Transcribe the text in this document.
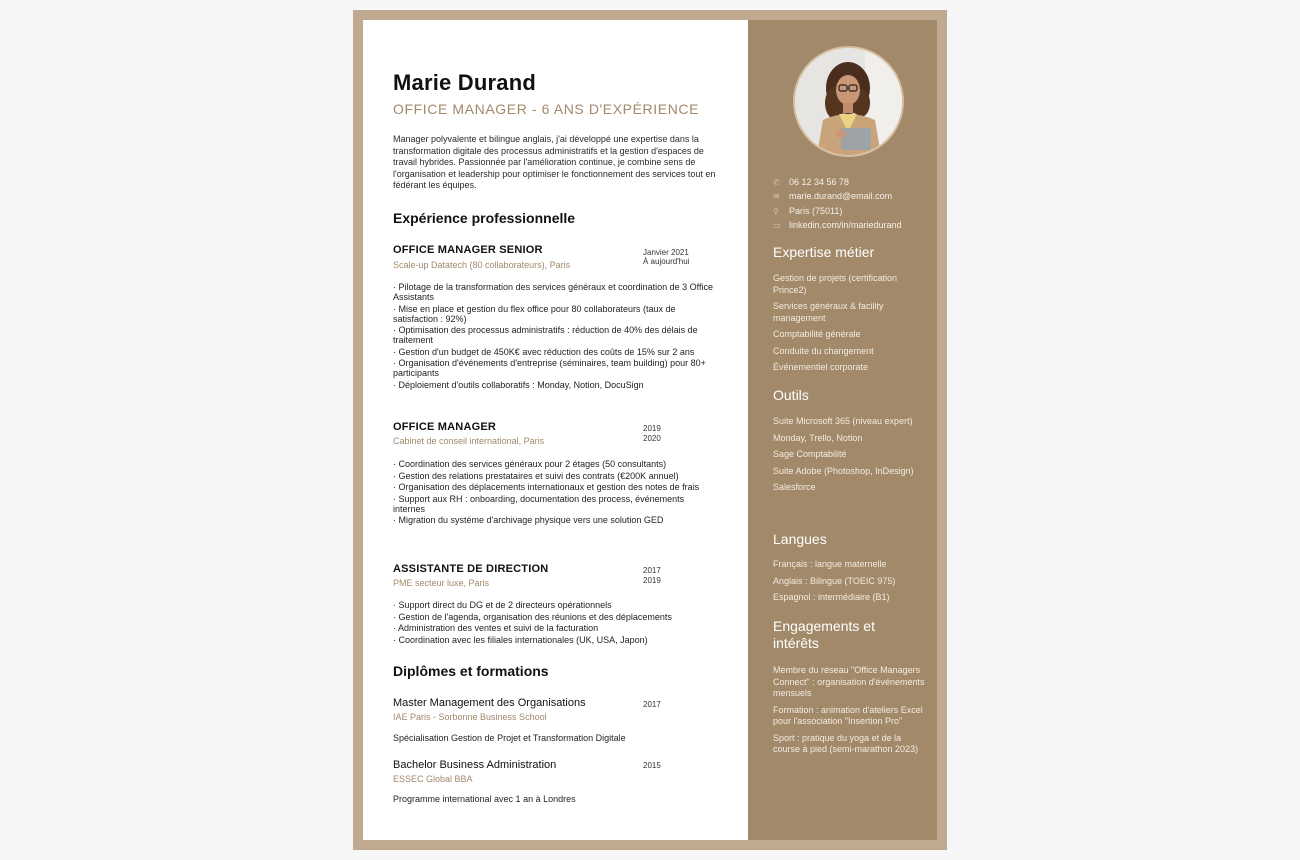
Marie Durand
OFFICE MANAGER - 6 ANS D'EXPÉRIENCE

Manager polyvalente et bilingue anglais, j'ai développé une expertise dans la transformation digitale des processus administratifs et la gestion d'espaces de travail hybrides. Passionnée par l'amélioration continue, je combine sens de l'organisation et leadership pour optimiser le fonctionnement des services tout en fédérant les équipes.

Expérience professionnelle
OFFICE MANAGER SENIOR
Scale-up Datatech (80 collaborateurs), Paris
Janvier 2021
À aujourd'hui
· Pilotage de la transformation des services généraux et coordination de 3 Office Assistants
· Mise en place et gestion du flex office pour 80 collaborateurs (taux de satisfaction : 92%)
· Optimisation des processus administratifs : réduction de 40% des délais de traitement
· Gestion d'un budget de 450K€ avec réduction des coûts de 15% sur 2 ans
· Organisation d'événements d'entreprise (séminaires, team building) pour 80+ participants
· Déploiement d'outils collaboratifs : Monday, Notion, DocuSign
OFFICE MANAGER
Cabinet de conseil international, Paris
2019
2020
· Coordination des services généraux pour 2 étages (50 consultants)
· Gestion des relations prestataires et suivi des contrats (€200K annuel)
· Organisation des déplacements internationaux et gestion des notes de frais
· Support aux RH : onboarding, documentation des process, événements internes
· Migration du système d'archivage physique vers une solution GED
ASSISTANTE DE DIRECTION
PME secteur luxe, Paris
2017
2019
· Support direct du DG et de 2 directeurs opérationnels
· Gestion de l'agenda, organisation des réunions et des déplacements
· Administration des ventes et suivi de la facturation
· Coordination avec les filiales internationales (UK, USA, Japon)
Diplômes et formations
Master Management des Organisations
IAE Paris - Sorbonne Business School
2017
Spécialisation Gestion de Projet et Transformation Digitale
Bachelor Business Administration
ESSEC Global BBA
2015
Programme international avec 1 an à Londres
✆	06 12 34 56 78
✉	marie.durand@email.com
⚲	Paris (75011)
▭ linkedin.com/in/mariedurand
Expertise métier
Gestion de projets (certification Prince2)
Services généraux & facility management
Comptabilité générale
Conduite du changement
Événementiel corporate
Outils
Suite Microsoft 365 (niveau expert)
Monday, Trello, Notion
Sage Comptabilité
Suite Adobe (Photoshop, InDesign)
Salesforce
Langues
Français : langue maternelle
Anglais : Bilingue (TOEIC 975)
Espagnol : intermédiaire (B1)
Engagements et intérêts
Membre du réseau "Office Managers Connect" : organisation d'événements mensuels
Formation : animation d'ateliers Excel pour l'association "Insertion Pro"
Sport : pratique du yoga et de la course à pied (semi-marathon 2023)
